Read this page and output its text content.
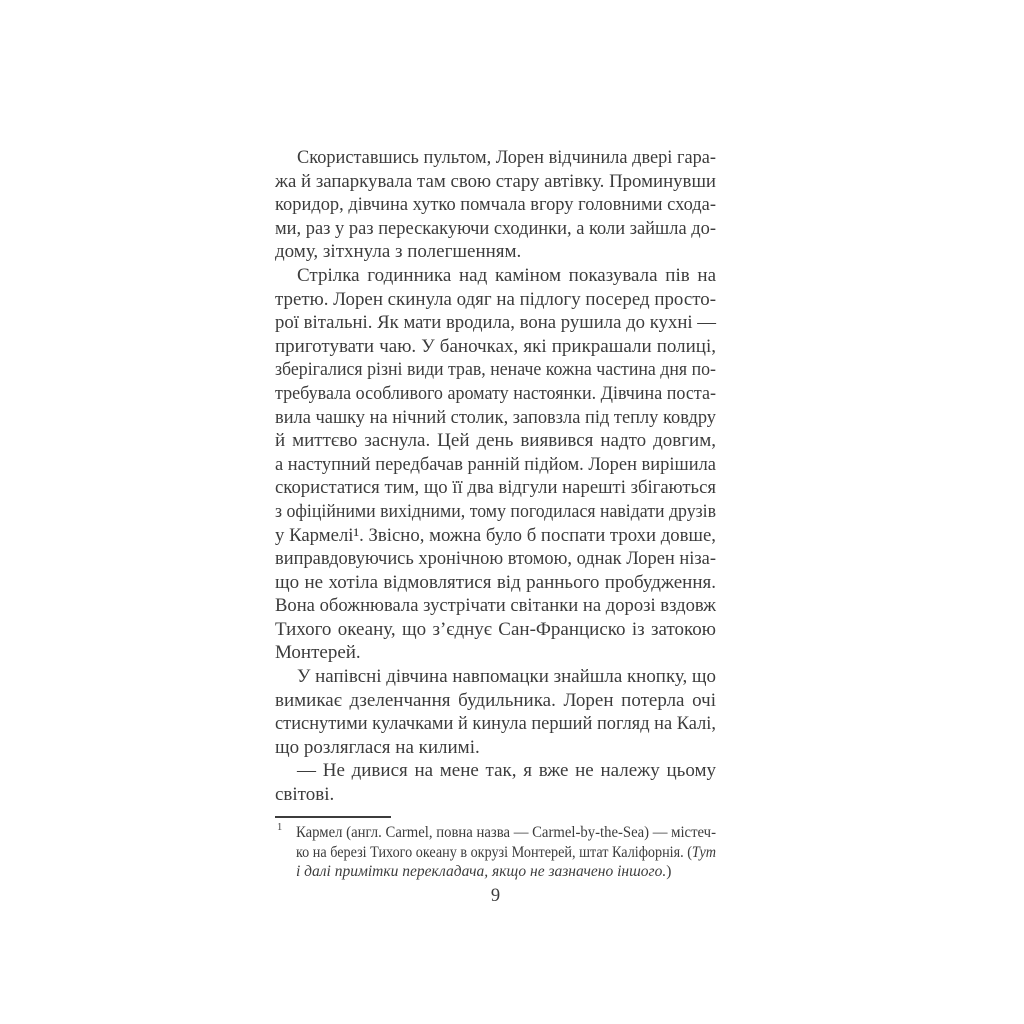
Скориставшись пультом, Лорен відчинила двері гара-
жа й запаркувала там свою стару автівку. Проминувши
коридор, дівчина хутко помчала вгору головними схода-
ми, раз у раз перескакуючи сходинки, а коли зайшла до-
дому, зітхнула з полегшенням.
Стрілка годинника над каміном показувала пів на
третю. Лорен скинула одяг на підлогу посеред просто-
рої вітальні. Як мати вродила, вона рушила до кухні —
приготувати чаю. У баночках, які прикрашали полиці,
зберігалися різні види трав, неначе кожна частина дня по-
требувала особливого аромату настоянки. Дівчина поста-
вила чашку на нічний столик, заповзла під теплу ковдру
й миттєво заснула. Цей день виявився надто довгим,
а наступний передбачав ранній підйом. Лорен вирішила
скористатися тим, що її два відгули нарешті збігаються
з офіційними вихідними, тому погодилася навідати друзів
у Кармелі¹. Звісно, можна було б поспати трохи довше,
виправдовуючись хронічною втомою, однак Лорен ніза-
що не хотіла відмовлятися від раннього пробудження.
Вона обожнювала зустрічати світанки на дорозі вздовж
Тихого океану, що з’єднує Сан-Франциско із затокою
Монтерей.
У напівсні дівчина навпомацки знайшла кнопку, що
вимикає дзеленчання будильника. Лорен потерла очі
стиснутими кулачками й кинула перший погляд на Калі,
що розляглася на килимі.
— Не дивися на мене так, я вже не належу цьому
світові.
1 Кармел (англ. Carmel, повна назва — Carmel-by-the-Sea) — містеч-
ко на березі Тихого океану в окрузі Монтерей, штат Каліфорнія. (Тут
і далі примітки перекладача, якщо не зазначено іншого.)
9
